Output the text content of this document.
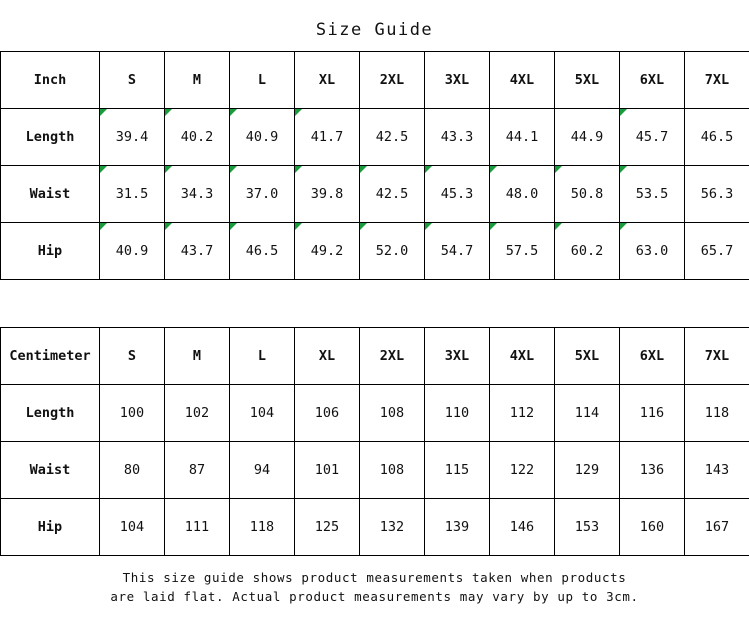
Size Guide
Inch	S	M	L	XL	2XL	3XL	4XL	5XL	6XL	7XL
Length	39.4	40.2	40.9	41.7	42.5	43.3	44.1	44.9	45.7	46.5
Waist	31.5	34.3	37.0	39.8	42.5	45.3	48.0	50.8	53.5	56.3
Hip	40.9	43.7	46.5	49.2	52.0	54.7	57.5	60.2	63.0	65.7
Centimeter	S	M	L	XL	2XL	3XL	4XL	5XL	6XL	7XL
Length	100	102	104	106	108	110	112	114	116	118
Waist	80	87	94	101	108	115	122	129	136	143
Hip	104	111	118	125	132	139	146	153	160	167
This size guide shows product measurements taken when products
are laid flat. Actual product measurements may vary by up to 3cm.
